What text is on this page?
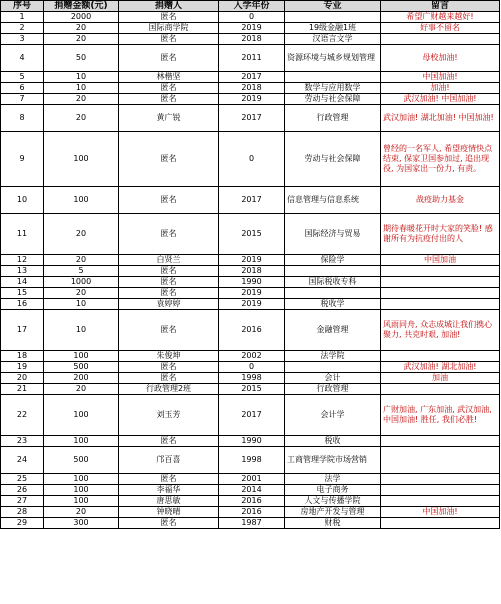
序号	捐赠金额(元)	捐赠人	入学年份	专业	留言
1	2000	匿名	0		希望广财越来越好!
2	20	国际商学院	2019	19级金融1班	好事不留名
3	20	匿名	2018	汉语言文学	
4	50	匿名	2011	资源环境与城乡规划管理	母校加油!
5	10	林楷坚	2017		中国加油!
6	10	匿名	2018	数学与应用数学	加油!
7	20	匿名	2019	劳动与社会保障	武汉加油! 中国加油!
8	20	黄广锐	2017	行政管理	武汉加油! 湖北加油! 中国加油!
9	100	匿名	0	劳动与社会保障	曾经的一名军人, 希望疫情快点结束, 保家卫国参加过, 追出现役, 为国家出一份力, 有责。
10	100	匿名	2017	信息管理与信息系统	战疫助力基金
11	20	匿名	2015	国际经济与贸易	期待春暖花开时大家的笑脸! 感谢所有为抗疫付出的人
12	20	白贤兰	2019	保险学	中国加油
13	5	匿名	2018		
14	1000	匿名	1990	国际税收专科	
15	20	匿名	2019		
16	10	袁婷婷	2019	税收学	
17	10	匿名	2016	金融管理	风雨同舟, 众志成城让我们携心聚力, 共克时艰, 加油!
18	100	朱俊坤	2002	法学院	
19	500	匿名	0		武汉加油! 湖北加油!
20	200	匿名	1998	会计	加油
21	20	行政管理2班	2015	行政管理	
22	100	刘玉芳	2017	会计学	广财加油, 广东加油, 武汉加油, 中国加油! 胜任, 我们必胜!
23	100	匿名	1990	税收	
24	500	邝百喜	1998	工商管理学院市场营销	
25	100	匿名	2001	法学	
26	100	李福华	2014	电子商务	
27	100	唐思敏	2016	人文与传播学院	
28	20	钟晓晴	2016	房地产开发与管理	中国加油!
29	300	匿名	1987	财税	
